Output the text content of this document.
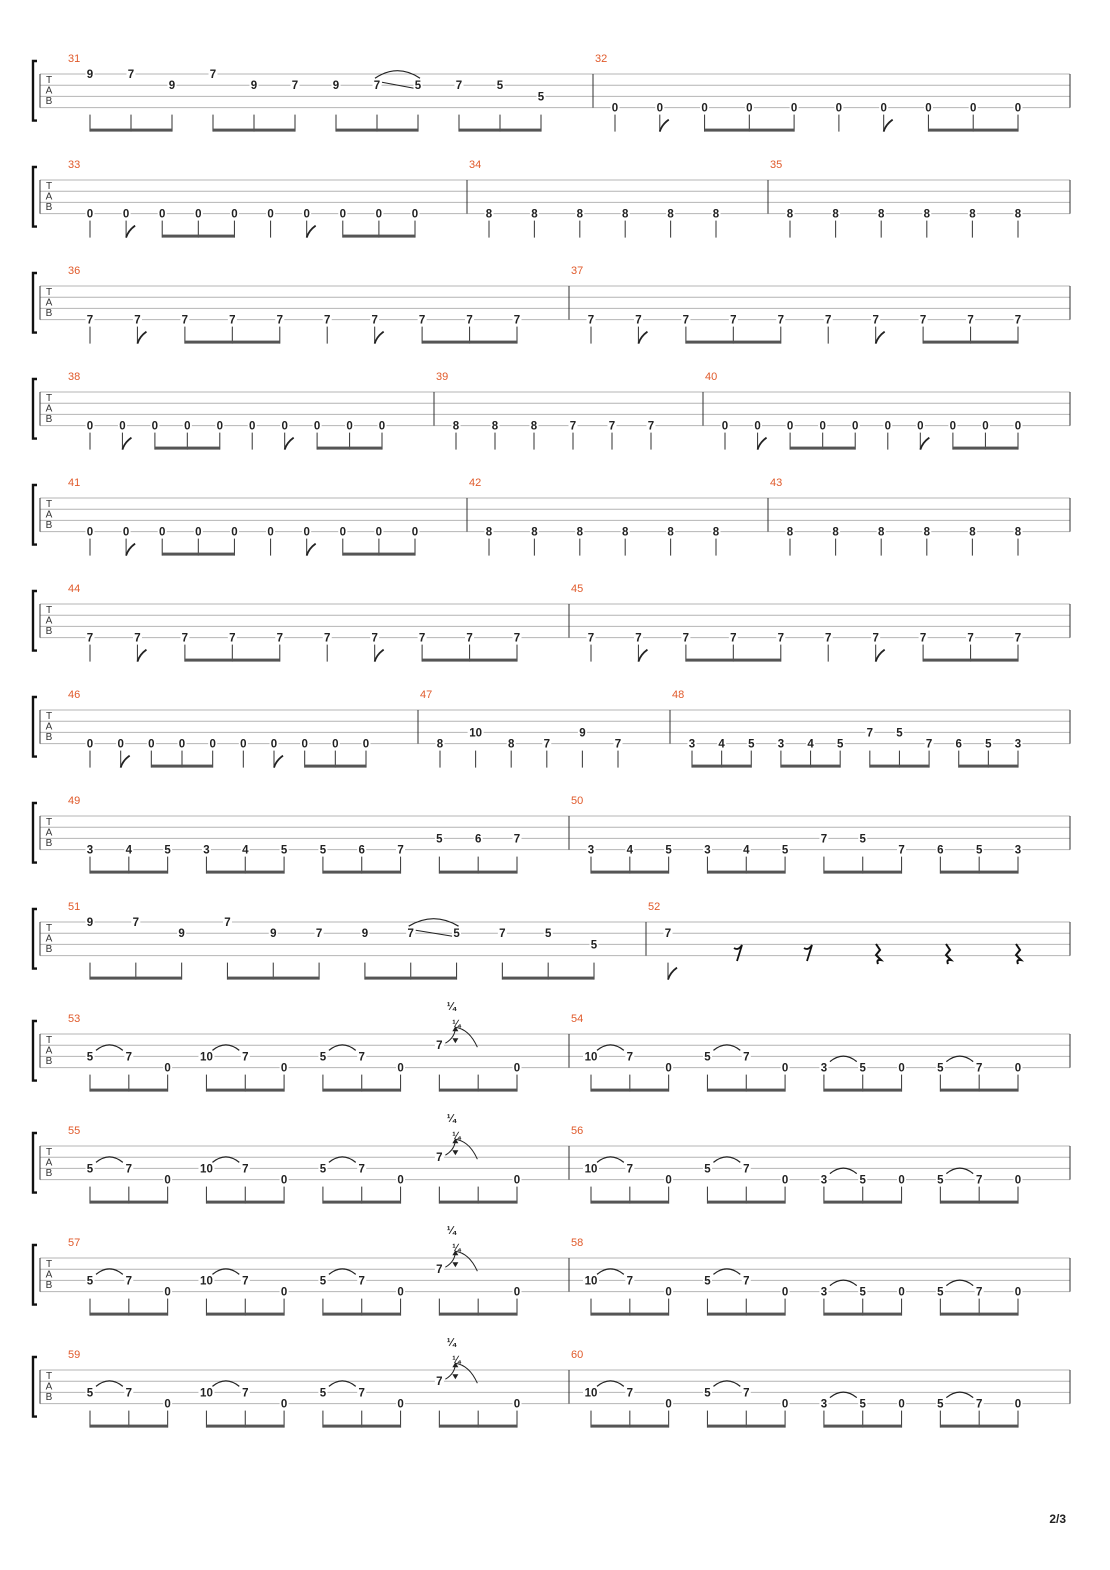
T
A
B
31
9	7
9
7
9	7	9	7	5	7	5
5
32
0	0	0	0	0	0	0	0	0	0
T
A
B
33
0	0	0	0	0	0	0	0	0	0
34
8	8	8	8	8	8
35
8	8	8	8	8	8
T
A
B
36
7	7	7	7	7	7	7	7	7	7
37
7	7	7	7	7	7	7	7	7	7
T
A
B
38
0 0 0 0 0 0 0 0 0 0
39
8	8	8	7	7	7
40
0 0 0 0 0 0 0 0 0 0
T
A
B
41
0	0	0	0	0	0	0	0	0	0
42
8	8	8	8	8	8
43
8	8	8	8	8	8
T
A
B
44
7	7	7	7	7	7	7	7	7	7
45
7	7	7	7	7	7	7	7	7	7
T
A
B
46
0 0 0 0 0 0 0 0 0 0
47
8
10
8	7
9
7
48
3 4 5 3 4 5
7 5
7 6 5 3
T
A
B
49
3	4	5	3	4	5	5	6	7
5	6	7
50
3	4	5	3	4	5
7	5
7	6	5	3
T
A
B
51
9	7
9
7
9	7	9	7	5	7	5
5
52
7
T
A
B
53
5	7
0
10	7
0
5	7
0
7
¼
¼
0
54
10	7
0
5	7
0	3	5	0	5	7	0
T
A
B
55
5	7
0
10	7
0
5	7
0
7
¼
¼
0
56
10	7
0
5	7
0	3	5	0	5	7	0
T
A
B
57
5	7
0
10	7
0
5	7
0
7
¼
¼
0
58
10	7
0
5	7
0	3	5	0	5	7	0
T
A
B
59
5	7
0
10	7
0
5	7
0
7
¼
¼
0
60
10	7
0
5	7
0	3	5	0	5	7	0
2/3
